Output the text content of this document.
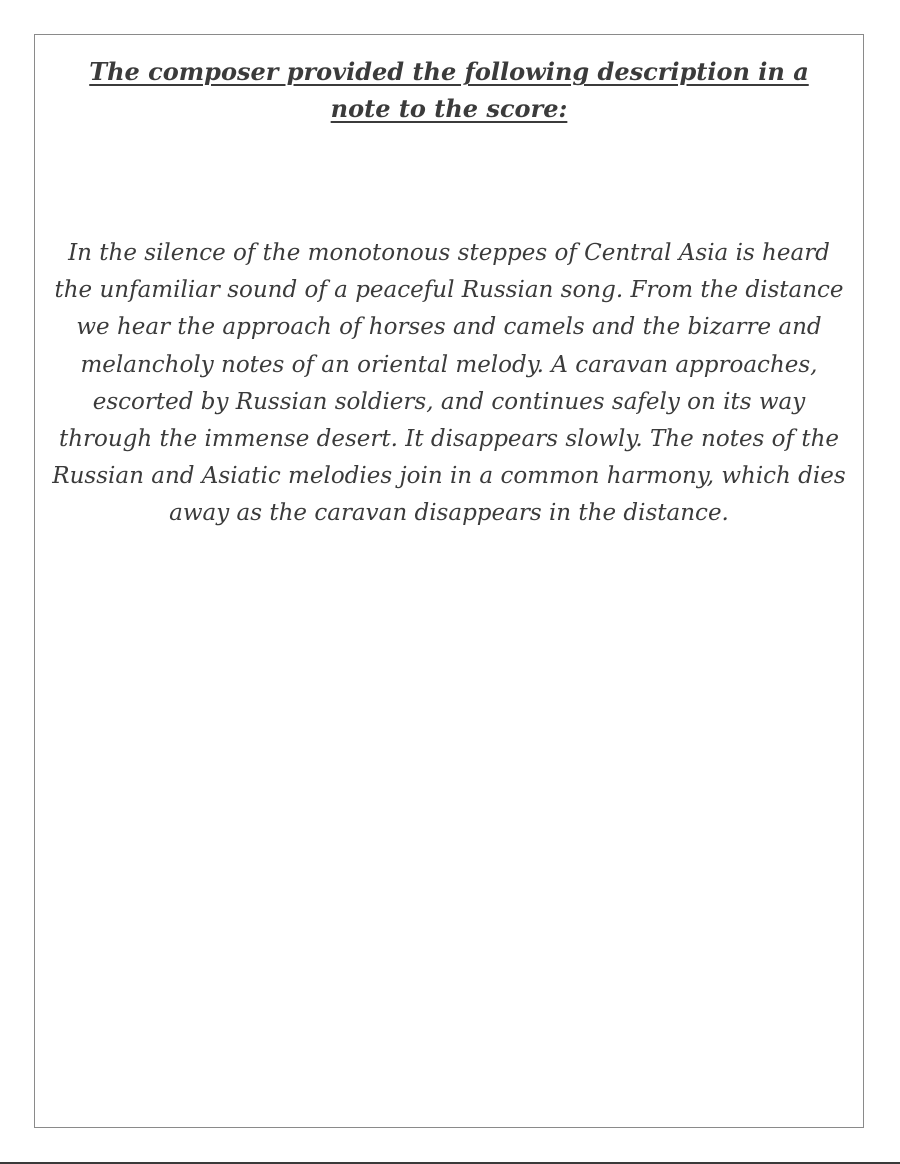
The composer provided the following description in a note to the score:
In the silence of the monotonous steppes of Central Asia is heard the unfamiliar sound of a peaceful Russian song. From the distance we hear the approach of horses and camels and the bizarre and melancholy notes of an oriental melody. A caravan approaches, escorted by Russian soldiers, and continues safely on its way through the immense desert. It disappears slowly. The notes of the Russian and Asiatic melodies join in a common harmony, which dies away as the caravan disappears in the distance.
